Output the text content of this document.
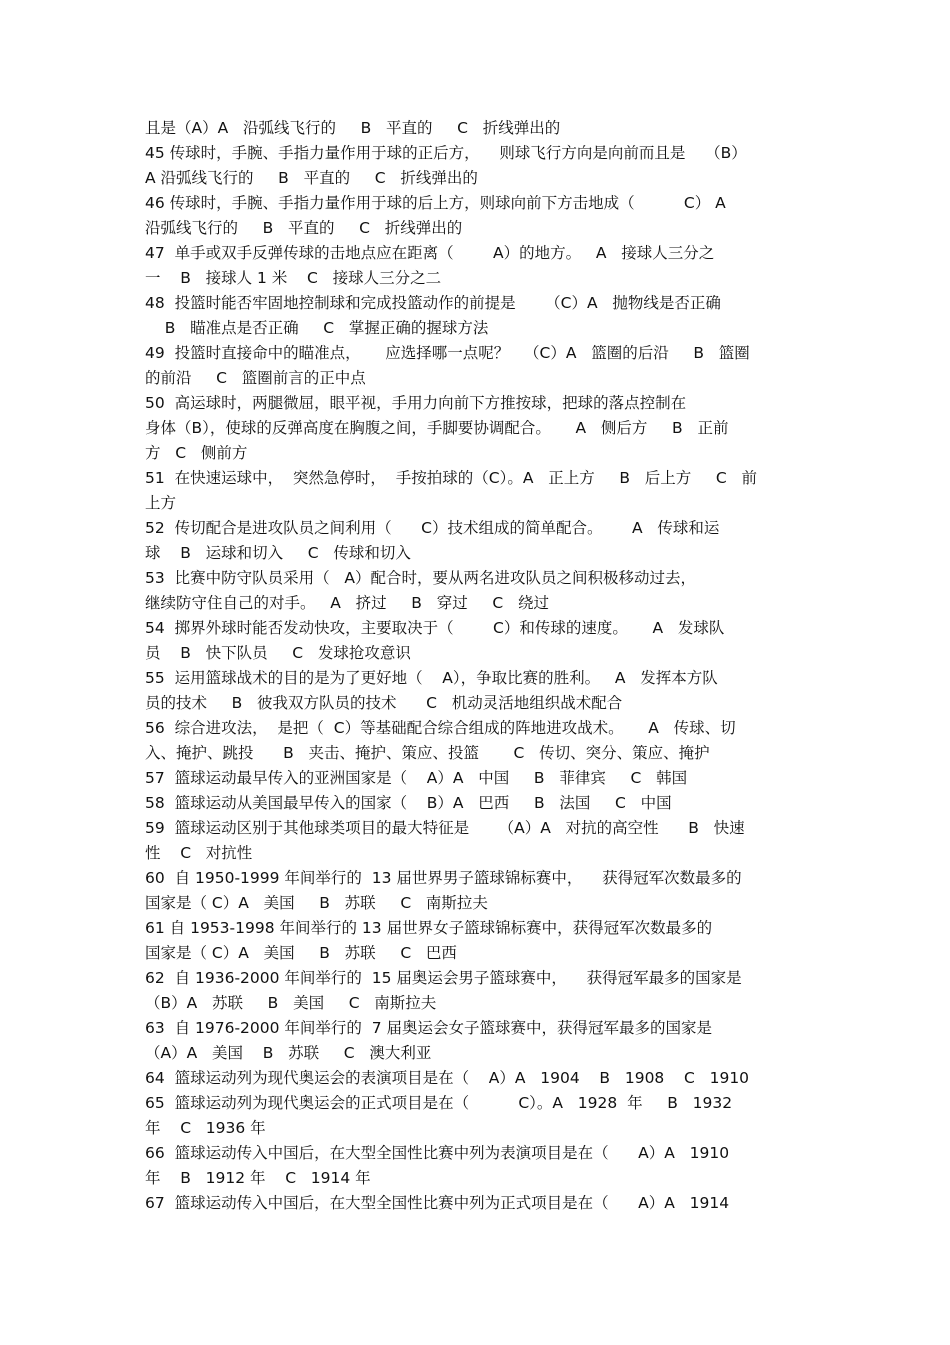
且是（A）A   沿弧线飞行的     B   平直的     C   折线弹出的
45 传球时，手腕、手指力量作用于球的正后方，    则球飞行方向是向前而且是    （B）
A 沿弧线飞行的     B   平直的     C   折线弹出的
46 传球时，手腕、手指力量作用于球的后上方，则球向前下方击地成（          C） A
沿弧线飞行的     B   平直的     C   折线弹出的
47  单手或双手反弹传球的击地点应在距离（        A）的地方。   A   接球人三分之
一    B   接球人 1 米    C   接球人三分之二
48  投篮时能否牢固地控制球和完成投篮动作的前提是      （C）A   抛物线是否正确
B   瞄准点是否正确     C   掌握正确的握球方法
49  投篮时直接命中的瞄准点，     应选择哪一点呢？   （C）A   篮圈的后沿     B   篮圈
的前沿     C   篮圈前言的正中点
50  高运球时，两腿微屈，眼平视，手用力向前下方推按球，把球的落点控制在
身体（B），使球的反弹高度在胸腹之间，手脚要协调配合。     A   侧后方     B   正前
方   C   侧前方
51  在快速运球中，  突然急停时，  手按拍球的（C）。A   正上方     B   后上方     C   前
上方
52  传切配合是进攻队员之间利用（      C）技术组成的简单配合。      A   传球和运
球    B   运球和切入     C   传球和切入
53  比赛中防守队员采用（   A）配合时，要从两名进攻队员之间积极移动过去，
继续防守住自己的对手。   A   挤过     B   穿过     C   绕过
54  掷界外球时能否发动快攻，主要取决于（        C）和传球的速度。     A   发球队
员    B   快下队员     C   发球抢攻意识
55  运用篮球战术的目的是为了更好地（    A），争取比赛的胜利。   A   发挥本方队
员的技术     B   彼我双方队员的技术      C   机动灵活地组织战术配合
56  综合进攻法，  是把（  C）等基础配合综合组成的阵地进攻战术。     A   传球、切
入、掩护、跳投      B   夹击、掩护、策应、投篮       C   传切、突分、策应、掩护
57  篮球运动最早传入的亚洲国家是（    A）A   中国     B   菲律宾     C   韩国
58  篮球运动从美国最早传入的国家（    B）A   巴西     B   法国     C   中国
59  篮球运动区别于其他球类项目的最大特征是      （A）A   对抗的高空性      B   快速
性    C   对抗性
60  自 1950-1999 年间举行的  13 届世界男子篮球锦标赛中，    获得冠军次数最多的
国家是（ C）A   美国     B   苏联     C   南斯拉夫
61 自 1953-1998 年间举行的 13 届世界女子篮球锦标赛中，获得冠军次数最多的
国家是（ C）A   美国     B   苏联     C   巴西
62  自 1936-2000 年间举行的  15 届奥运会男子篮球赛中，    获得冠军最多的国家是
（B）A   苏联     B   美国     C   南斯拉夫
63  自 1976-2000 年间举行的  7 届奥运会女子篮球赛中，获得冠军最多的国家是
（A）A   美国    B   苏联     C   澳大利亚
64  篮球运动列为现代奥运会的表演项目是在（    A）A   1904    B   1908    C   1910
65  篮球运动列为现代奥运会的正式项目是在（          C）。A   1928  年     B   1932
年    C   1936 年
66  篮球运动传入中国后，在大型全国性比赛中列为表演项目是在（      A）A   1910
年    B   1912 年    C   1914 年
67  篮球运动传入中国后，在大型全国性比赛中列为正式项目是在（      A）A   1914
